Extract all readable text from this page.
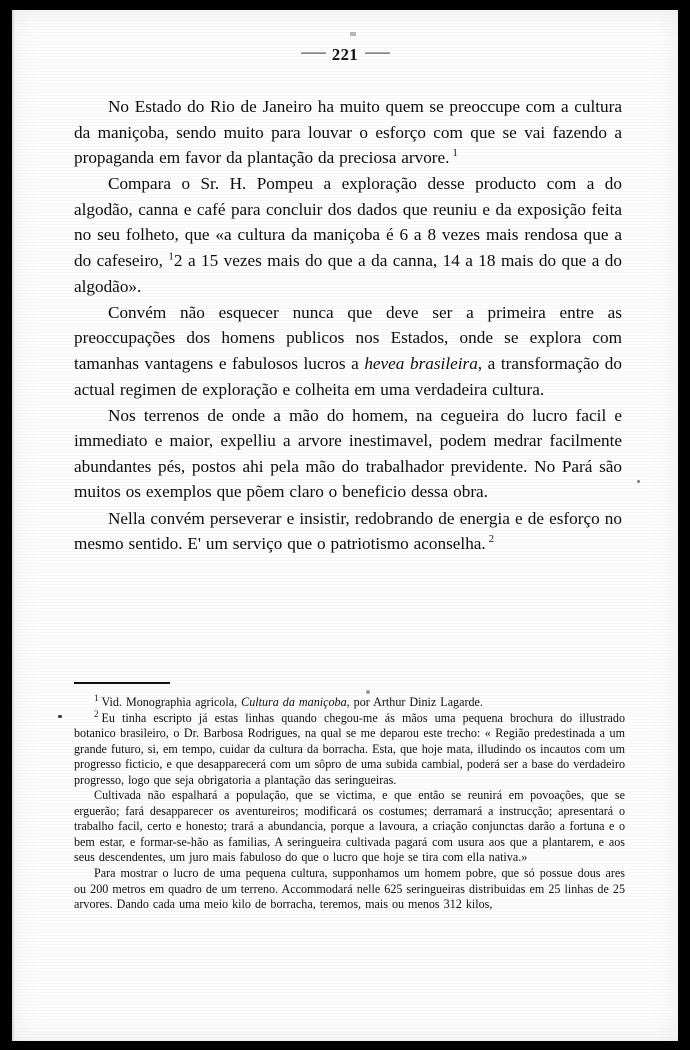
— 221 —

No Estado do Rio de Janeiro ha muito quem se preoccupe com a cultura da maniçoba, sendo muito para louvar o esforço com que se vai fazendo a propaganda em favor da plantação da preciosa arvore. $^1$

Compara o Sr. H. Pompeu a exploração desse producto com a do algodão, canna e café para concluir dos dados que reuniu e da exposição feita no seu folheto, que «a cultura da maniçoba é 6 a 8 vezes mais rendosa que a do cafeseiro, $^1$2 a 15 vezes mais do que a da canna, 14 a 18 mais do que a do algodão».

Convém não esquecer nunca que deve ser a primeira entre as preoccupações dos homens publicos nos Estados, onde se explora com tamanhas vantagens e fabulosos lucros a hevea brasileira, a transformação do actual regimen de exploração e colheita em uma verdadeira cultura.

Nos terrenos de onde a mão do homem, na cegueira do lucro facil e immediato e maior, expelliu a arvore inestimavel, podem medrar facilmente abundantes pés, postos ahi pela mão do trabalhador previdente. No Pará são muitos os exemplos que põem claro o beneficio dessa obra.

Nella convém perseverar e insistir, redobrando de energia e de esforço no mesmo sentido. E' um serviço que o patriotismo aconselha. $^2$

$^1$ Vid. Monographia agricola, Cultura da maniçoba, por Arthur Diniz Lagarde.

$^2$ Eu tinha escripto já estas linhas quando chegou-me ás mãos uma pequena brochura do illustrado botanico brasileiro, o Dr. Barbosa Rodrigues, na qual se me deparou este trecho: « Região predestinada a um grande futuro, si, em tempo, cuidar da cultura da borracha. Esta, que hoje mata, illudindo os incautos com um progresso ficticio, e que desapparecerá com um sôpro de uma subida cambial, poderá ser a base do verdadeiro progresso, logo que seja obrigatoria a plantação das seringueiras.

Cultivada não espalhará a população, que se victima, e que então se reunirá em povoações, que se erguerão; fará desapparecer os aventureiros; modificará os costumes; derramará a instrucção; apresentará o trabalho facil, certo e honesto; trará a abundancia, porque a lavoura, a criação conjunctas darão a fortuna e o bem estar, e formar-se-hão as familias, A seringueira cultivada pagará com usura aos que a plantarem, e aos seus descendentes, um juro mais fabuloso do que o lucro que hoje se tira com ella nativa.»

Para mostrar o lucro de uma pequena cultura, supponhamos um homem pobre, que só possue dous ares ou 200 metros em quadro de um terreno. Accommodará nelle 625 seringueiras distribuidas em 25 linhas de 25 arvores. Dando cada uma meio kilo de borracha, teremos, mais ou menos 312 kilos,
